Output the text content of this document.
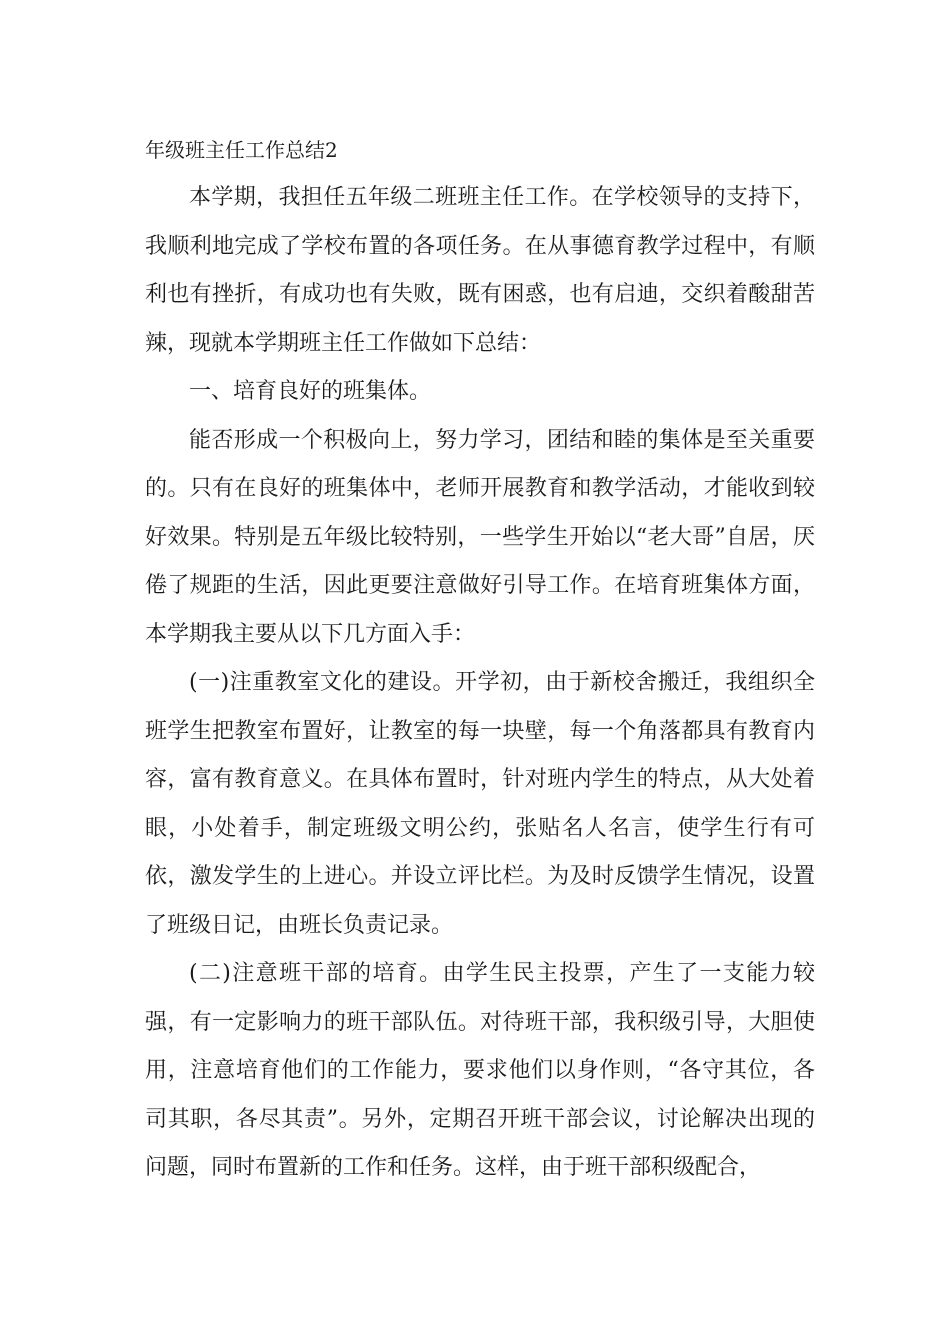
年级班主任工作总结2

本学期，我担任五年级二班班主任工作。在学校领导的支持下，我顺利地完成了学校布置的各项任务。在从事德育教学过程中，有顺利也有挫折，有成功也有失败，既有困惑，也有启迪，交织着酸甜苦辣，现就本学期班主任工作做如下总结：

一、培育良好的班集体。

能否形成一个积极向上，努力学习，团结和睦的集体是至关重要的。只有在良好的班集体中，老师开展教育和教学活动，才能收到较好效果。特别是五年级比较特别，一些学生开始以“老大哥”自居，厌倦了规距的生活，因此更要注意做好引导工作。在培育班集体方面，本学期我主要从以下几方面入手：

(一)注重教室文化的建设。开学初，由于新校舍搬迁，我组织全班学生把教室布置好，让教室的每一块壁，每一个角落都具有教育内容，富有教育意义。在具体布置时，针对班内学生的特点，从大处着眼，小处着手，制定班级文明公约，张贴名人名言，使学生行有可依，激发学生的上进心。并设立评比栏。为及时反馈学生情况，设置了班级日记，由班长负责记录。

(二)注意班干部的培育。由学生民主投票，产生了一支能力较强，有一定影响力的班干部队伍。对待班干部，我积级引导，大胆使用，注意培育他们的工作能力，要求他们以身作则，“各守其位，各司其职，各尽其责”。另外，定期召开班干部会议，讨论解决出现的问题，同时布置新的工作和任务。这样，由于班干部积级配合，
